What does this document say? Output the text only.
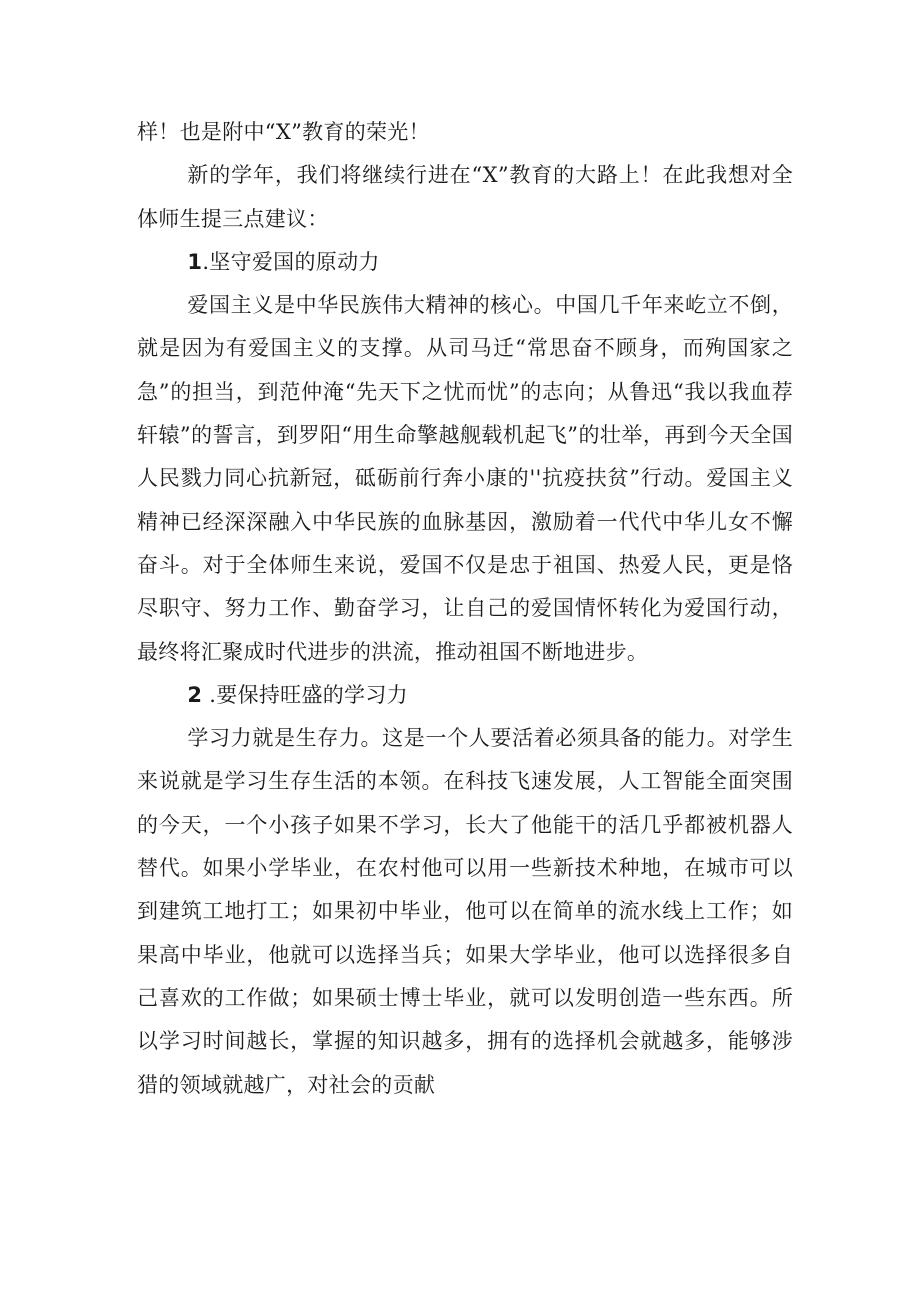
样！也是附中“X”教育的荣光！

新的学年，我们将继续行进在“X”教育的大路上！在此我想对全体师生提三点建议：

1.坚守爱国的原动力

爱国主义是中华民族伟大精神的核心。中国几千年来屹立不倒，就是因为有爱国主义的支撑。从司马迁“常思奋不顾身，而殉国家之急”的担当，到范仲淹“先天下之忧而忧”的志向；从鲁迅“我以我血荐轩辕”的誓言，到罗阳“用生命擎越舰载机起飞”的壮举，再到今天全国人民戮力同心抗新冠，砥砺前行奔小康的''抗疫扶贫”行动。爱国主义精神已经深深融入中华民族的血脉基因，激励着一代代中华儿女不懈奋斗。对于全体师生来说，爱国不仅是忠于祖国、热爱人民，更是恪尽职守、努力工作、勤奋学习，让自己的爱国情怀转化为爱国行动，最终将汇聚成时代进步的洪流，推动祖国不断地进步。

2 .要保持旺盛的学习力

学习力就是生存力。这是一个人要活着必须具备的能力。对学生来说就是学习生存生活的本领。在科技飞速发展，人工智能全面突围的今天，一个小孩子如果不学习，长大了他能干的活几乎都被机器人替代。如果小学毕业，在农村他可以用一些新技术种地，在城市可以到建筑工地打工；如果初中毕业，他可以在简单的流水线上工作；如果高中毕业，他就可以选择当兵；如果大学毕业，他可以选择很多自己喜欢的工作做；如果硕士博士毕业，就可以发明创造一些东西。所以学习时间越长，掌握的知识越多，拥有的选择机会就越多，能够涉猎的领域就越广，对社会的贡献
